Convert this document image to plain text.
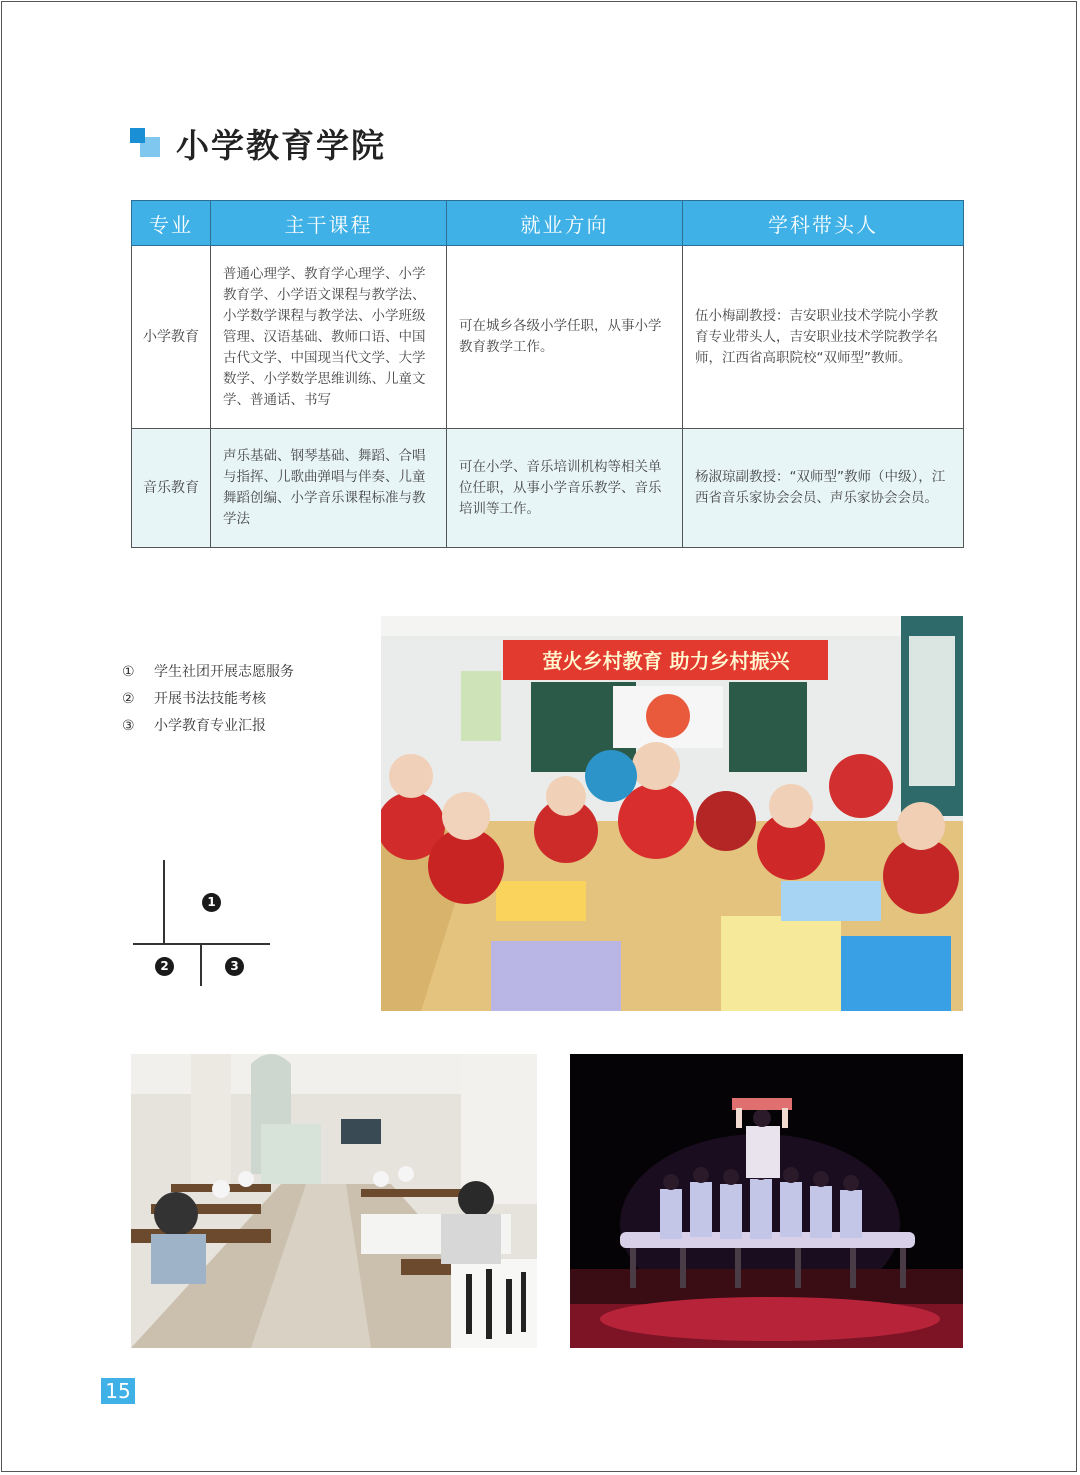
小学教育学院
专业	主干课程	就业方向	学科带头人
小学教育	普通心理学、教育学心理学、小学教育学、小学语文课程与教学法、小学数学课程与教学法、小学班级管理、汉语基础、教师口语、中国古代文学、中国现当代文学、大学数学、小学数学思维训练、儿童文学、普通话、书写	可在城乡各级小学任职，从事小学教育教学工作。	伍小梅副教授：吉安职业技术学院小学教育专业带头人，吉安职业技术学院教学名师，江西省高职院校“双师型”教师。
音乐教育	声乐基础、钢琴基础、舞蹈、合唱与指挥、儿歌曲弹唱与伴奏、儿童舞蹈创编、小学音乐课程标准与教学法	可在小学、音乐培训机构等相关单位任职，从事小学音乐教学、音乐培训等工作。	杨淑琼副教授：“双师型”教师（中级），江西省音乐家协会会员、声乐家协会会员。
①	学生社团开展志愿服务
②	开展书法技能考核
③	小学教育专业汇报
1
2	3
萤火乡村教育 助力乡村振兴
15
